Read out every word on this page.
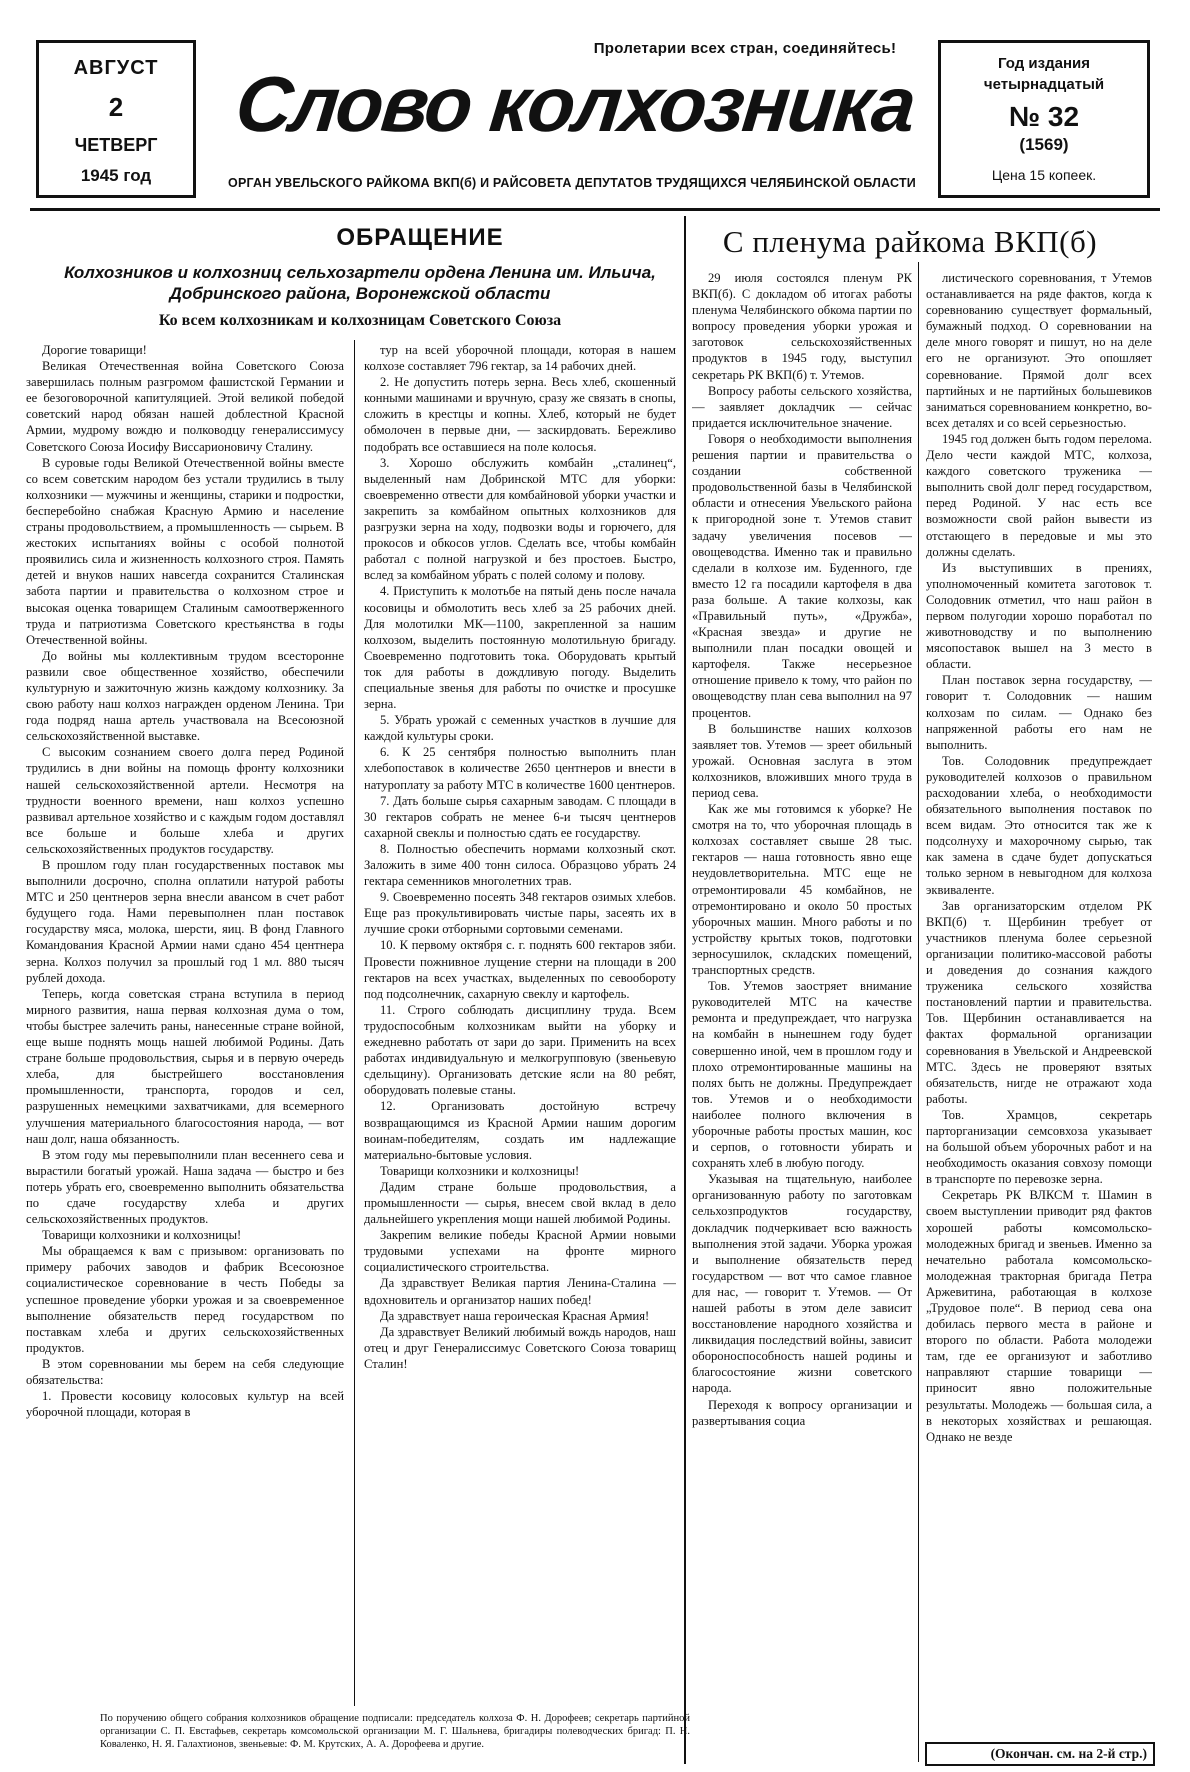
АВГУСТ
2
ЧЕТВЕРГ
1945 год
Пролетарии всех стран, соединяйтесь!
Слово колхозника
ОРГАН УВЕЛЬСКОГО РАЙКОМА ВКП(б) И РАЙСОВЕТА ДЕПУТАТОВ ТРУДЯЩИХСЯ ЧЕЛЯБИНСКОЙ ОБЛАСТИ
Год издания
четырнадцатый
№ 32
(1569)
Цена 15 копеек.
ОБРАЩЕНИЕ
Колхозников и колхозниц сельхозартели ордена Ленина им. Ильича, Добринского района, Воронежской области
Ко всем колхозникам и колхозницам Советского Союза
С пленума райкома ВКП(б)

Дорогие товарищи!

Великая Отечественная война Советского Союза завершилась полным разгромом фашистской Германии и ее безоговорочной капитуляцией. Этой великой победой советский народ обязан нашей доблестной Красной Армии, мудрому вождю и полководцу генералиссимусу Советского Союза Иосифу Виссарионовичу Сталину.

В суровые годы Великой Отечественной войны вместе со всем советским народом без устали трудились в тылу колхозники — мужчины и женщины, старики и подростки, бесперебойно снабжая Красную Армию и население страны продовольствием, а промышленность — сырьем. В жестоких испытаниях войны с особой полнотой проявились сила и жизненность колхозного строя. Память детей и внуков наших навсегда сохранится Сталинская забота партии и правительства о колхозном строе и высокая оценка товарищем Сталиным самоотверженного труда и патриотизма Советского крестьянства в годы Отечественной войны.

До войны мы коллективным трудом всесторонне развили свое общественное хозяйство, обеспечили культурную и зажиточную жизнь каждому колхознику. За свою работу наш колхоз награжден орденом Ленина. Три года подряд наша артель участвовала на Всесоюзной сельскохозяйственной выставке.

С высоким сознанием своего долга перед Родиной трудились в дни войны на помощь фронту колхозники нашей сельскохозяйственной артели. Несмотря на трудности военного времени, наш колхоз успешно развивал артельное хозяйство и с каждым годом доставлял все больше и больше хлеба и других сельскохозяйственных продуктов государству.

В прошлом году план государственных поставок мы выполнили досрочно, сполна оплатили натурой работы МТС и 250 центнеров зерна внесли авансом в счет работ будущего года. Нами перевыполнен план поставок государству мяса, молока, шерсти, яиц. В фонд Главного Командования Красной Армии нами сдано 454 центнера зерна. Колхоз получил за прошлый год 1 мл. 880 тысяч рублей дохода.

Теперь, когда советская страна вступила в период мирного развития, наша первая колхозная дума о том, чтобы быстрее залечить раны, нанесенные стране войной, еще выше поднять мощь нашей любимой Родины. Дать стране больше продовольствия, сырья и в первую очередь хлеба, для быстрейшего восстановления промышленности, транспорта, городов и сел, разрушенных немецкими захватчиками, для всемерного улучшения материального благосостояния народа, — вот наш долг, наша обязанность.

В этом году мы перевыполнили план весеннего сева и вырастили богатый урожай. Наша задача — быстро и без потерь убрать его, своевременно выполнить обязательства по сдаче государству хлеба и других сельскохозяйственных продуктов.

Товарищи колхозники и колхозницы!

Мы обращаемся к вам с призывом: организовать по примеру рабочих заводов и фабрик Всесоюзное социалистическое соревнование в честь Победы за успешное проведение уборки урожая и за своевременное выполнение обязательств перед государством по поставкам хлеба и других сельскохозяйственных продуктов.

В этом соревновании мы берем на себя следующие обязательства:

1. Провести косовицу колосовых культур на всей уборочной площади, которая в

тур на всей уборочной площади, которая в нашем колхозе составляет 796 гектар, за 14 рабочих дней.

2. Не допустить потерь зерна. Весь хлеб, скошенный конными машинами и вручную, сразу же связать в снопы, сложить в крестцы и копны. Хлеб, который не будет обмолочен в первые дни, — заскирдовать. Бережливо подобрать все оставшиеся на поле колосья.

3. Хорошо обслужить комбайн „сталинец“, выделенный нам Добринской МТС для уборки: своевременно отвести для комбайновой уборки участки и закрепить за комбайном опытных колхозников для разгрузки зерна на ходу, подвозки воды и горючего, для прокосов и обкосов углов. Сделать все, чтобы комбайн работал с полной нагрузкой и без простоев. Быстро, вслед за комбайном убрать с полей солому и полову.

4. Приступить к молотьбе на пятый день после начала косовицы и обмолотить весь хлеб за 25 рабочих дней. Для молотилки МК—1100, закрепленной за нашим колхозом, выделить постоянную молотильную бригаду. Своевременно подготовить тока. Оборудовать крытый ток для работы в дождливую погоду. Выделить специальные звенья для работы по очистке и просушке зерна.

5. Убрать урожай с семенных участков в лучшие для каждой культуры сроки.

6. К 25 сентября полностью выполнить план хлебопоставок в количестве 2650 центнеров и внести в натуроплату за работу МТС в количестве 1600 центнеров.

7. Дать больше сырья сахарным заводам. С площади в 30 гектаров собрать не менее 6-и тысяч центнеров сахарной свеклы и полностью сдать ее государству.

8. Полностью обеспечить нормами колхозный скот. Заложить в зиме 400 тонн силоса. Образцово убрать 24 гектара семенников многолетних трав.

9. Своевременно посеять 348 гектаров озимых хлебов. Еще раз прокультивировать чистые пары, засеять их в лучшие сроки отборными сортовыми семенами.

10. К первому октября с. г. поднять 600 гектаров зяби. Провести пожнивное лущение стерни на площади в 200 гектаров на всех участках, выделенных по севообороту под подсолнечник, сахарную свеклу и картофель.

11. Строго соблюдать дисциплину труда. Всем трудоспособным колхозникам выйти на уборку и ежедневно работать от зари до зари. Применить на всех работах индивидуальную и мелкогрупповую (звеньевую сдельщину). Организовать детские ясли на 80 ребят, оборудовать полевые станы.

12. Организовать достойную встречу возвращающимся из Красной Армии нашим дорогим воинам-победителям, создать им надлежащие материально-бытовые условия.

Товарищи колхозники и колхозницы!

Дадим стране больше продовольствия, а промышленности — сырья, внесем свой вклад в дело дальнейшего укрепления мощи нашей любимой Родины.

Закрепим великие победы Красной Армии новыми трудовыми успехами на фронте мирного социалистического строительства.

Да здравствует Великая партия Ленина-Сталина — вдохновитель и организатор наших побед!

Да здравствует наша героическая Красная Армия!

Да здравствует Великий любимый вождь народов, наш отец и друг Генералиссимус Советского Союза товарищ Сталин!

29 июля состоялся пленум РК ВКП(б). С докладом об итогах работы пленума Челябинского обкома партии по вопросу проведения уборки урожая и заготовок сельскохозяйственных продуктов в 1945 году, выступил секретарь РК ВКП(б) т. Утемов.

Вопросу работы сельского хозяйства, — заявляет докладчик — сейчас придается исключительное значение.

Говоря о необходимости выполнения решения партии и правительства о создании собственной продовольственной базы в Челябинской области и отнесения Увельского района к пригородной зоне т. Утемов ставит задачу увеличения посевов — овощеводства. Именно так и правильно сделали в колхозе им. Буденного, где вместо 12 га посадили картофеля в два раза больше. А такие колхозы, как «Правильный путь», «Дружба», «Красная звезда» и другие не выполнили план посадки овощей и картофеля. Также несерьезное отношение привело к тому, что район по овощеводству план сева выполнил на 97 процентов.

В большинстве наших колхозов заявляет тов. Утемов — зреет обильный урожай. Основная заслуга в этом колхозников, вложивших много труда в период сева.

Как же мы готовимся к уборке? Не смотря на то, что уборочная площадь в колхозах составляет свыше 28 тыс. гектаров — наша готовность явно еще неудовлетворительна. МТС еще не отремонтировали 45 комбайнов, не отремонтировано и около 50 простых уборочных машин. Много работы и по устройству крытых токов, подготовки зерносушилок, складских помещений, транспортных средств.

Тов. Утемов заостряет внимание руководителей МТС на качестве ремонта и предупреждает, что нагрузка на комбайн в нынешнем году будет совершенно иной, чем в прошлом году и плохо отремонтированные машины на полях быть не должны. Предупреждает тов. Утемов и о необходимости наиболее полного включения в уборочные работы простых машин, кос и серпов, о готовности убирать и сохранять хлеб в любую погоду.

Указывая на тщательную, наиболее организованную работу по заготовкам сельхозпродуктов государству, докладчик подчеркивает всю важность выполнения этой задачи. Уборка урожая и выполнение обязательств перед государством — вот что самое главное для нас, — говорит т. Утемов. — От нашей работы в этом деле зависит восстановление народного хозяйства и ликвидация последствий войны, зависит обороноспособность нашей родины и благосостояние жизни советского народа.

Переходя к вопросу организации и развертывания социа

листического соревнования, т Утемов останавливается на ряде фактов, когда к соревнованию существует формальный, бумажный подход. О соревновании на деле много говорят и пишут, но на деле его не организуют. Это опошляет соревнование. Прямой долг всех партийных и не партийных большевиков заниматься соревнованием конкретно, во-всех деталях и со всей серьезностью.

1945 год должен быть годом перелома. Дело чести каждой МТС, колхоза, каждого советского труженика — выполнить свой долг перед государством, перед Родиной. У нас есть все возможности свой район вывести из отстающего в передовые и мы это должны сделать.

Из выступивших в прениях, уполномоченный комитета заготовок т. Солодовник отметил, что наш район в первом полугодии хорошо поработал по животноводству и по выполнению мясопоставок вышел на 3 место в области.

План поставок зерна государству, — говорит т. Солодовник — нашим колхозам по силам. — Однако без напряженной работы его нам не выполнить.

Тов. Солодовник предупреждает руководителей колхозов о правильном расходовании хлеба, о необходимости обязательного выполнения поставок по всем видам. Это относится так же к подсолнуху и махорочному сырью, так как замена в сдаче будет допускаться только зерном в невыгодном для колхоза эквиваленте.

Зав организаторским отделом РК ВКП(б) т. Щербинин требует от участников пленума более серьезной организации политико-массовой работы и доведения до сознания каждого труженика сельского хозяйства постановлений партии и правительства. Тов. Щербинин останавливается на фактах формальной организации соревнования в Увельской и Андреевской МТС. Здесь не проверяют взятых обязательств, нигде не отражают хода работы.

Тов. Храмцов, секретарь парторганизации семсовхоза указывает на большой объем уборочных работ и на необходимость оказания совхозу помощи в транспорте по перевозке зерна.

Секретарь РК ВЛКСМ т. Шамин в своем выступлении приводит ряд фактов хорошей работы комсомольско-молодежных бригад и звеньев. Именно за нечательно работала комсомольско-молодежная тракторная бригада Петра Аржевитина, работающая в колхозе „Трудовое поле“. В период сева она добилась первого места в районе и второго по области. Работа молодежи там, где ее организуют и заботливо направляют старшие товарищи — приносит явно положительные результаты. Молодежь — большая сила, а в некоторых хозяйствах и решающая. Однако не везде

По поручению общего собрания колхозников обращение подписали: председатель колхоза Ф. Н. Дорофеев; секретарь партийной организации С. П. Евстафьев, секретарь комсомольской организации М. Г. Шальнева, бригадиры полеводческих бригад: П. Н. Коваленко, Н. Я. Галахтионов, звеньевые: Ф. М. Крутских, А. А. Дорофеева и другие.
(Окончан. см. на 2-й стр.)
